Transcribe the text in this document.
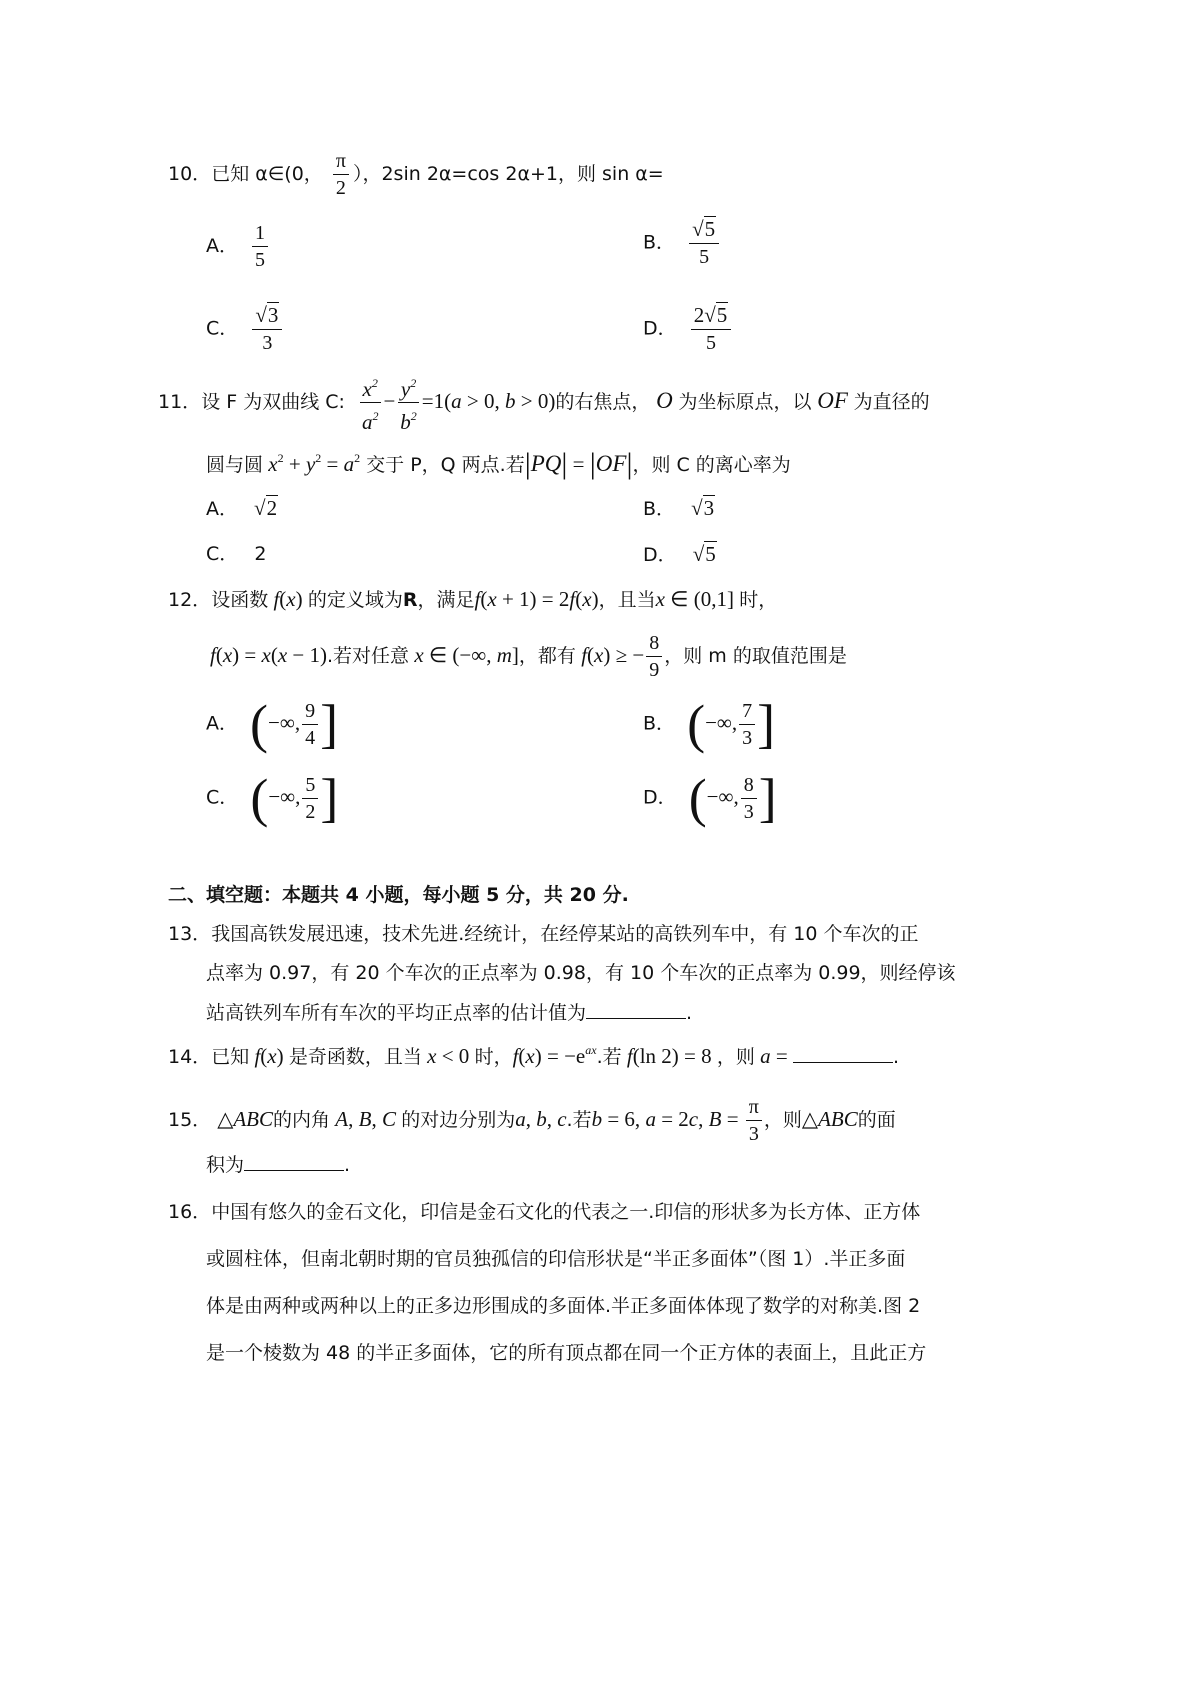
10．已知 α∈(0， $\frac{\pi}{2}$ ），2sin 2α=cos 2α+1，则 sin α=
A． $\frac{1}{5}$	B． $\frac{√5}{5}$
C． $\frac{√3}{3}$	D． $\frac{2√5}{5}$
11．设 F 为双曲线 C: $\frac{x^2}{a^2} - \frac{y^2}{b^2} =1(a > 0$, b > 0)的右焦点， O 为坐标原点，以 OF 为直径的
圆与圆 $x^2 + y^2 = a^2$ 交于 P，Q 两点.若|PQ| = |OF|，则 C 的离心率为
A． √2	B． √3
C． 2	D． √5
12．设函数 f(x) 的定义域为R，满足f(x + 1) = 2f(x)，且当x ∈ (0,1] 时，
f(x) = x(x − 1).若对任意 x ∈ (−∞, m]，都有 f(x) ≥ − $\frac{8}{9}$ ，则 m 的取值范围是
A． (−∞, $\frac{9}{4}$ ]	B． (−∞, $\frac{7}{3}$ ]
C． (−∞, $\frac{5}{2}$ ]	D． (−∞, $\frac{8}{3}$ ]
二、填空题：本题共 4 小题，每小题 5 分，共 20 分.
13．我国高铁发展迅速，技术先进.经统计，在经停某站的高铁列车中，有 10 个车次的正
点率为 0.97，有 20 个车次的正点率为 0.98，有 10 个车次的正点率为 0.99，则经停该
站高铁列车所有车次的平均正点率的估计值为	.
14．已知 f(x) 是奇函数，且当 x < 0 时，$f(x) = -e^{ax}$.若 f(ln 2) = 8 ，则 a =	.
15． △ABC的内角 A, B, C 的对边分别为a, b, c.若b = 6, a = 2c, $B = \frac{\pi}{3}$ ，则△ABC的面
积为	.
16．中国有悠久的金石文化，印信是金石文化的代表之一.印信的形状多为长方体、正方体
或圆柱体，但南北朝时期的官员独孤信的印信形状是“半正多面体”（图 1）.半正多面
体是由两种或两种以上的正多边形围成的多面体.半正多面体体现了数学的对称美.图 2
是一个棱数为 48 的半正多面体，它的所有顶点都在同一个正方体的表面上，且此正方
